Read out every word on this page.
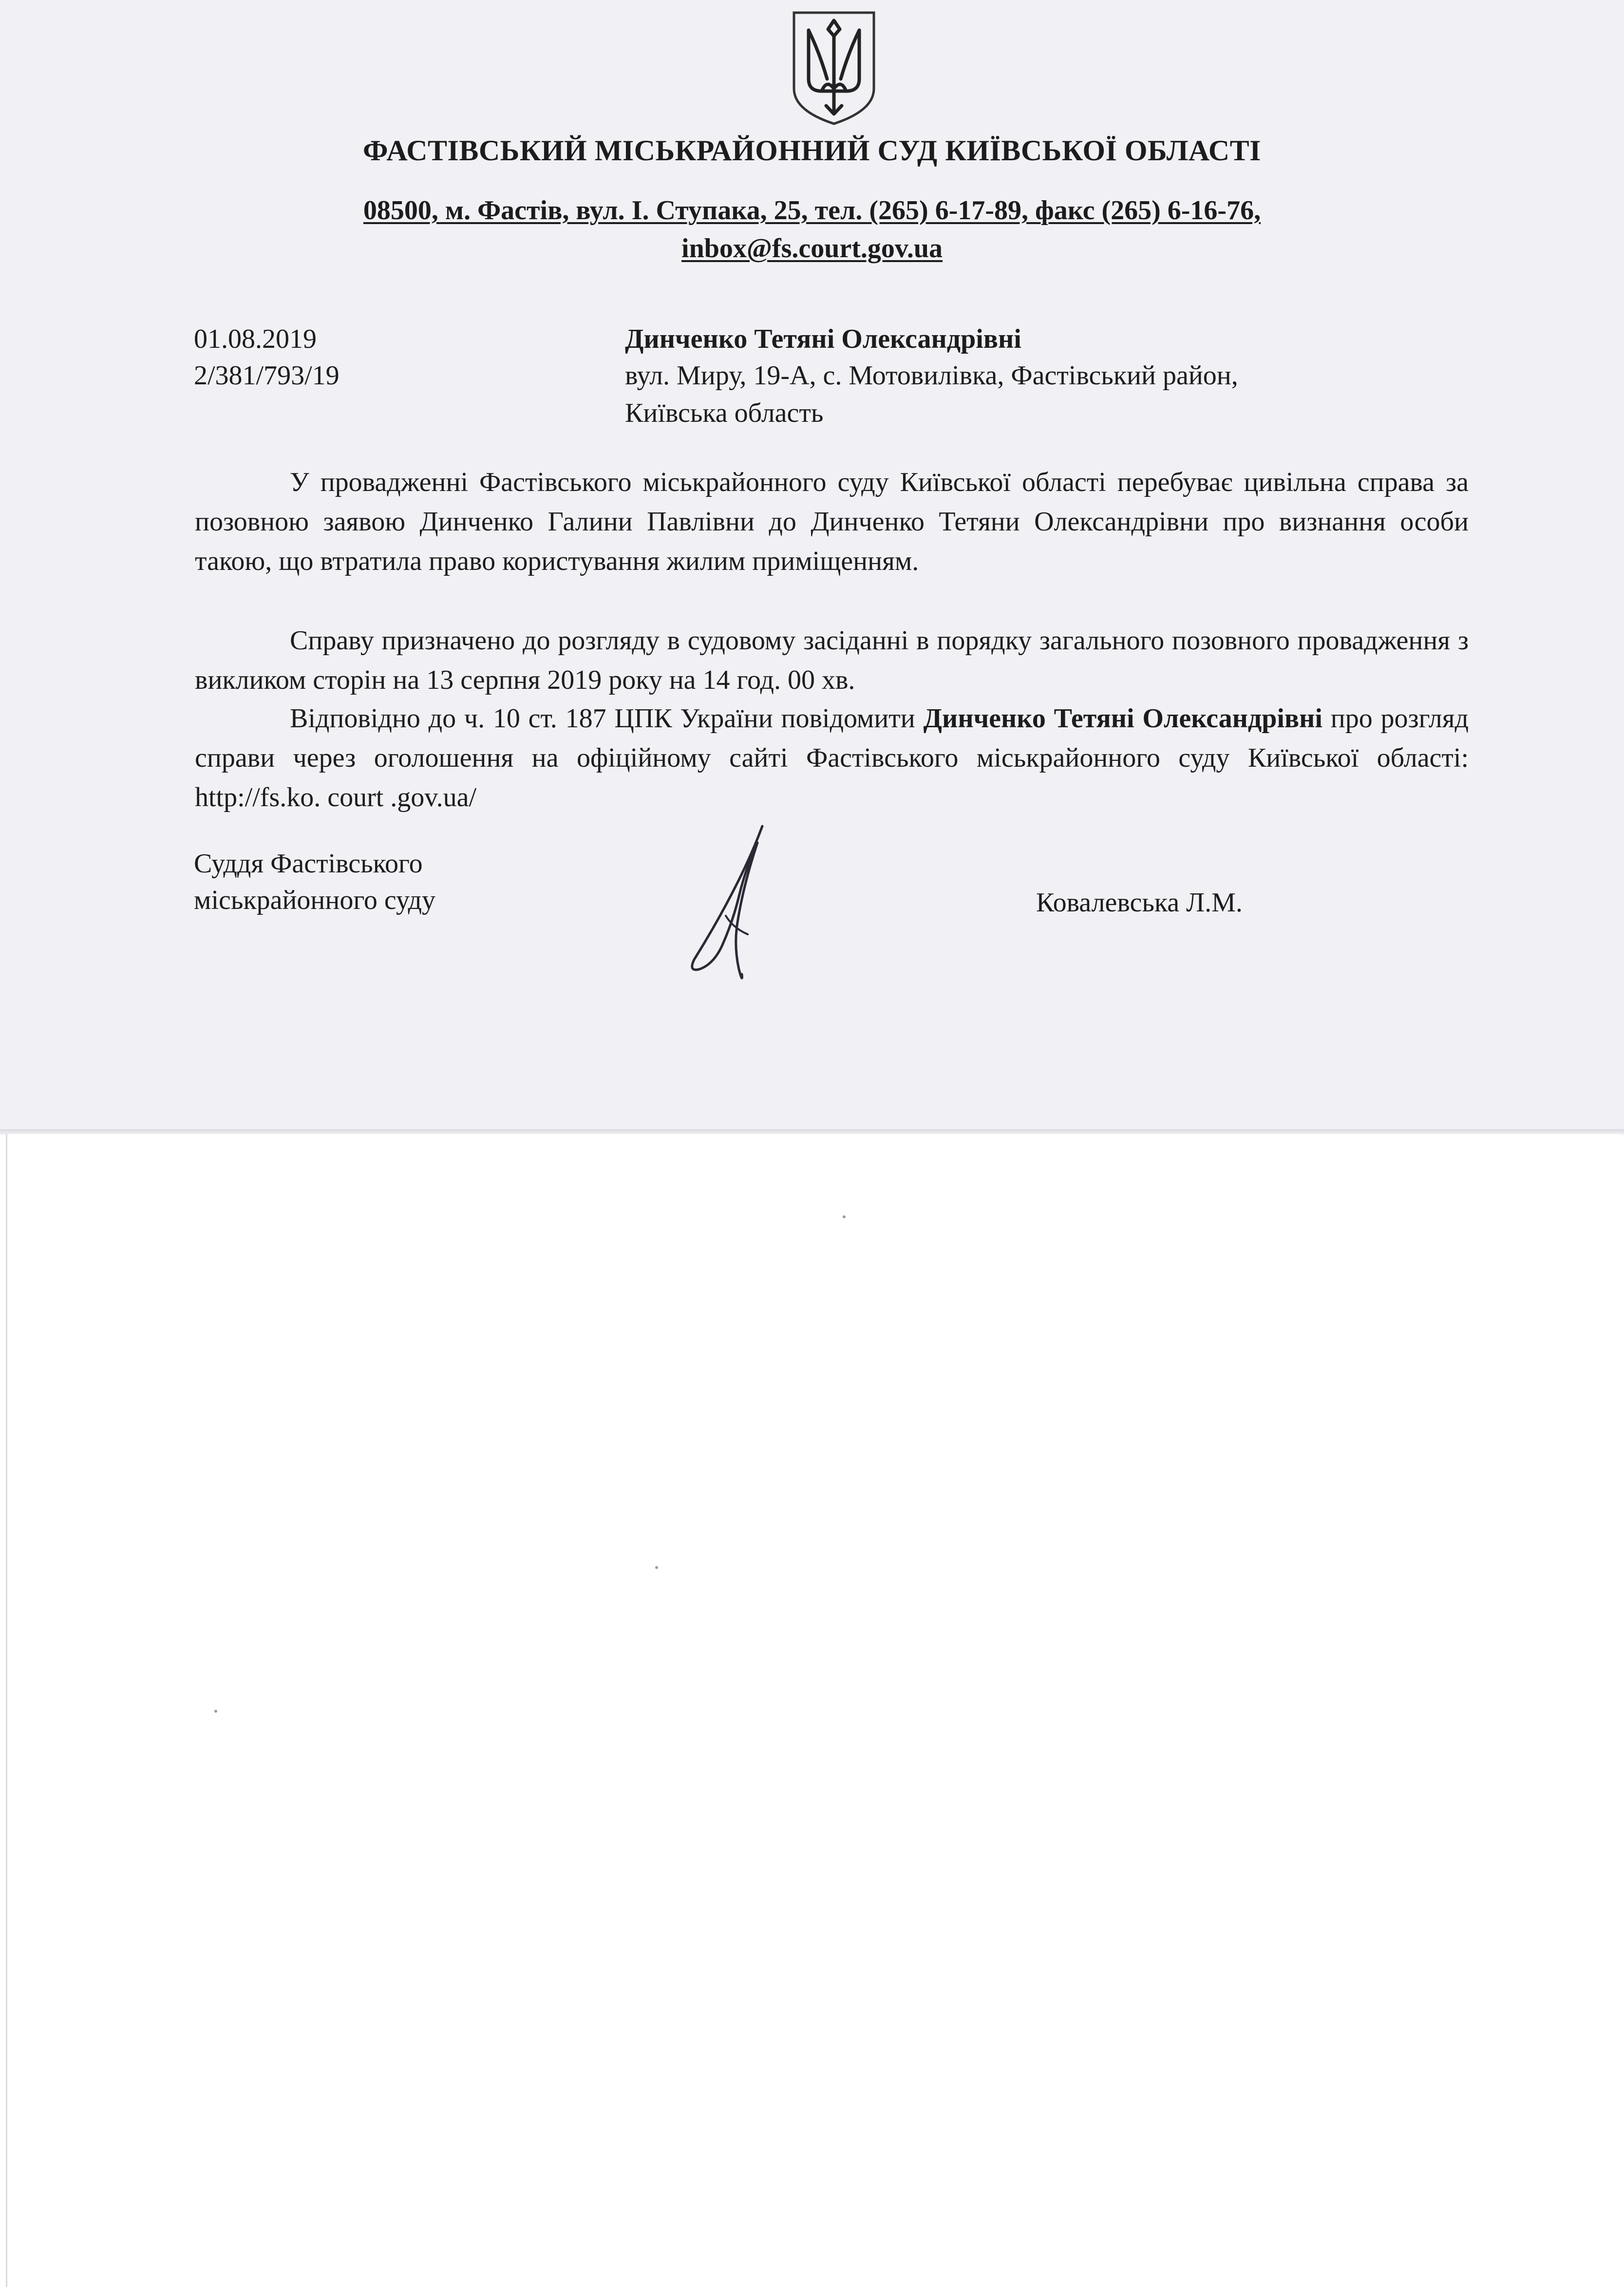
ФАСТІВСЬКИЙ МІСЬКРАЙОННИЙ СУД КИЇВСЬКОЇ ОБЛАСТІ
08500, м. Фастів, вул. І. Ступака, 25, тел. (265) 6-17-89, факс (265) 6-16-76,
inbox@fs.court.gov.ua
01.08.2019
2/381/793/19
Динченко Тетяні Олександрівні
вул. Миру, 19-А, с. Мотовилівка, Фастівський район,
Київська область
У провадженні Фастівського міськрайонного суду Київської області перебуває цивільна справа за позовною заявою Динченко Галини Павлівни до Динченко Тетяни Олександрівни про визнання особи такою, що втратила право користування жилим приміщенням.
Справу призначено до розгляду в судовому засіданні в порядку загального позовного провадження з викликом сторін на 13 серпня 2019 року на 14 год. 00 хв.
Відповідно до ч. 10 ст. 187 ЦПК України повідомити Динченко Тетяні Олександрівні про розгляд справи через оголошення на офіційному сайті Фастівського міськрайонного суду Київської області: http://fs.ko. court .gov.ua/
Суддя Фастівського
міськрайонного суду	Ковалевська Л.М.
